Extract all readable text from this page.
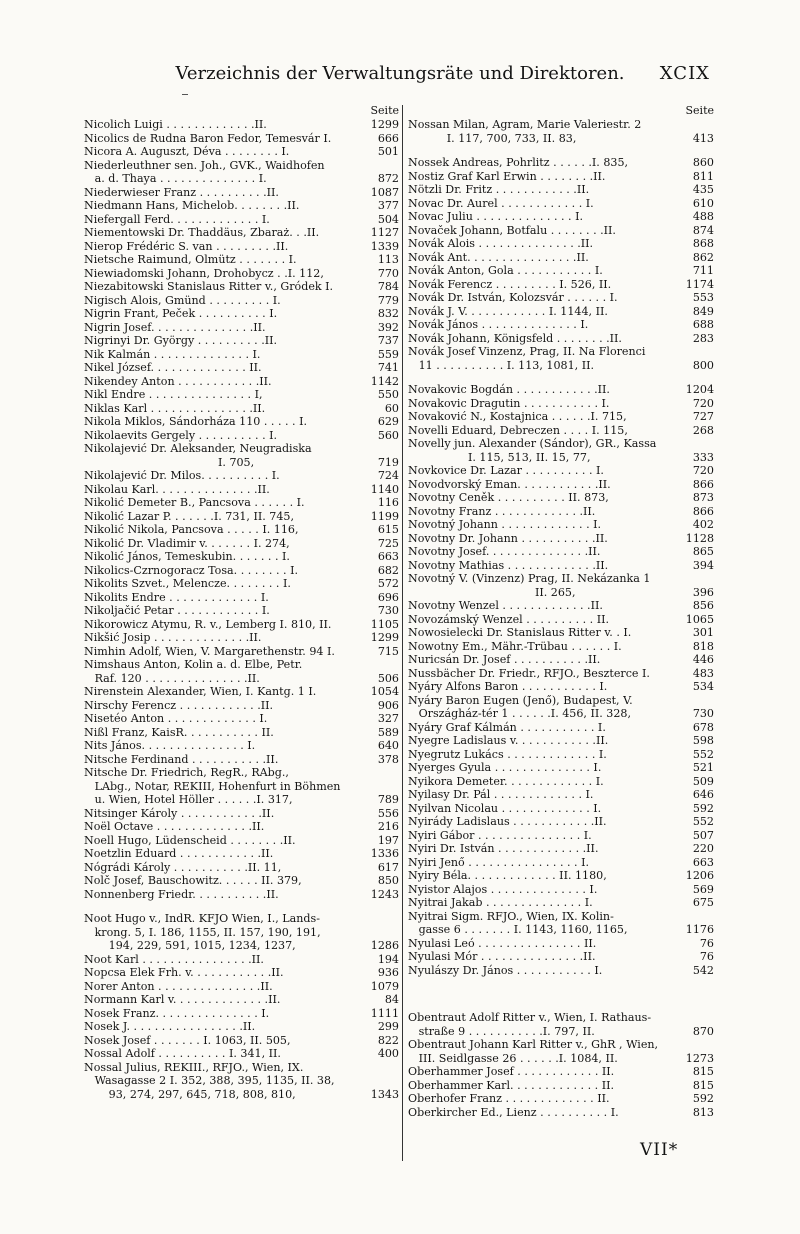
Verzeichnis der Verwaltungsräte und Direktoren.	XCIX
Seite
Nicolich Luigi . . . . . . . . . . . . .II.	1299
Nicolics de Rudna Baron Fedor, Temesvár I.	666
Nicora A. Auguszt, Déva . . . . . . . . I.	501
Niederleuthner sen. Joh., GVK., Waidhofen
a. d. Thaya . . . . . . . . . . . . . . I.	872
Niederwieser Franz . . . . . . . . . .II.	1087
Niedmann Hans, Michelob. . . . . . . .II.	377
Niefergall Ferd. . . . . . . . . . . . . I.	504
Niementowski Dr. Thaddäus, Zbaraż. . .II.	1127
Nierop Frédéric S. van . . . . . . . . .II.	1339
Nietsche Raimund, Olmütz . . . . . . . I.	113
Niewiadomski Johann, Drohobycz . .I. 112,	770
Niezabitowski Stanislaus Ritter v., Gródek I.	784
Nigisch Alois, Gmünd . . . . . . . . . I.	779
Nigrin Frant, Peček . . . . . . . . . . I.	832
Nigrin Josef. . . . . . . . . . . . . . .II.	392
Nigrinyi Dr. György . . . . . . . . . .II.	737
Nik Kalmán . . . . . . . . . . . . . . I.	559
Nikel József. . . . . . . . . . . . . . II.	741
Nikendey Anton . . . . . . . . . . . .II.	1142
Nikl Endre . . . . . . . . . . . . . . . I,	550
Niklas Karl . . . . . . . . . . . . . . .II.	60
Nikola Miklos, Sándorháza 110 . . . . . I.	629
Nikolaevits Gergely . . . . . . . . . . I.	560
Nikolajević Dr. Aleksander, Neugradiska
I. 705,	719
Nikolajević Dr. Milos. . . . . . . . . . I.	724
Nikolau Karl. . . . . . . . . . . . . . .II.	1140
Nikolić Demeter B., Pancsova . . . . . . I.	116
Nikolić Lazar P. . . . . . .I. 731, II. 745,	1199
Nikolić Nikola, Pancsova . . . . . I. 116,	615
Nikolić Dr. Vladimir v. . . . . . . I. 274,	725
Nikolić János, Temeskubin. . . . . . . I.	663
Nikolics-Czrnogoracz Tosa. . . . . . . . I.	682
Nikolits Szvet., Melencze. . . . . . . . I.	572
Nikolits Endre . . . . . . . . . . . . . I.	696
Nikoljačić Petar . . . . . . . . . . . . I.	730
Nikorowicz Atymu, R. v., Lemberg I. 810, II.	1105
Nikšić Josip . . . . . . . . . . . . . .II.	1299
Nimhin Adolf, Wien, V. Margarethenstr. 94 I.	715
Nimshaus Anton, Kolin a. d. Elbe, Petr.
Raf. 120 . . . . . . . . . . . . . . .II.	506
Nirenstein Alexander, Wien, I. Kantg. 1 I.	1054
Nirschy Ferencz . . . . . . . . . . . .II.	906
Nisetéo Anton . . . . . . . . . . . . . I.	327
Nißl Franz, KaisR. . . . . . . . . . . II.	589
Nits János. . . . . . . . . . . . . . . I.	640
Nitsche Ferdinand . . . . . . . . . . .II.	378
Nitsche Dr. Friedrich, RegR., RAbg.,
LAbg., Notar, REKIII, Hohenfurt in Böhmen
u. Wien, Hotel Höller . . . . . .I. 317,	789
Nitsinger Károly . . . . . . . . . . . .II.	556
Noël Octave . . . . . . . . . . . . . .II.	216
Noell Hugo, Lüdenscheid . . . . . . . .II.	197
Noetzlin Eduard . . . . . . . . . . . .II.	1336
Nógrádi Károly . . . . . . . . . . .II. 11,	617
Nolč Josef, Bauschowitz. . . . . . II. 379,	850
Nonnenberg Friedr. . . . . . . . . . .II.	1243
Noot Hugo v., IndR. KFJO Wien, I., Lands-
krong. 5, I. 186, 1155, II. 157, 190, 191,
194, 229, 591, 1015, 1234, 1237,	1286
Noot Karl . . . . . . . . . . . . . . . .II.	194
Nopcsa Elek Frh. v. . . . . . . . . . . .II.	936
Norer Anton . . . . . . . . . . . . . . .II.	1079
Normann Karl v. . . . . . . . . . . . . .II.	84
Nosek Franz. . . . . . . . . . . . . . . I.	1111
Nosek J. . . . . . . . . . . . . . . . .II.	299
Nosek Josef . . . . . . . I. 1063, II. 505,	822
Nossal Adolf . . . . . . . . . . I. 341, II.	400
Nossal Julius, REKIII., RFJO., Wien, IX.
Wasagasse 2 I. 352, 388, 395, 1135, II. 38,
93, 274, 297, 645, 718, 808, 810,	1343
Seite
Nossan Milan, Agram, Marie Valeriestr. 2
I. 117, 700, 733, II. 83,	413
Nossek Andreas, Pohrlitz . . . . . .I. 835,	860
Nostiz Graf Karl Erwin . . . . . . . .II.	811
Nötzli Dr. Fritz . . . . . . . . . . . .II.	435
Novac Dr. Aurel . . . . . . . . . . . . I.	610
Novac Juliu . . . . . . . . . . . . . . I.	488
Novaček Johann, Botfalu . . . . . . . .II.	874
Novák Alois . . . . . . . . . . . . . . .II.	868
Novák Ant. . . . . . . . . . . . . . . .II.	862
Novák Anton, Gola . . . . . . . . . . . I.	711
Novák Ferencz . . . . . . . . . I. 526, II.	1174
Novák Dr. István, Kolozsvár . . . . . . I.	553
Novák J. V. . . . . . . . . . . . I. 1144, II.	849
Novák János . . . . . . . . . . . . . . I.	688
Novák Johann, Königsfeld . . . . . . . .II.	283
Novák Josef Vinzenz, Prag, II. Na Florenci
11 . . . . . . . . . . I. 113, 1081, II.	800
Novakovic Bogdán . . . . . . . . . . . .II.	1204
Novakovic Dragutin . . . . . . . . . . . I.	720
Novaković N., Kostajnica . . . . . .I. 715,	727
Novelli Eduard, Debreczen . . . . I. 115,	268
Novelly jun. Alexander (Sándor), GR., Kassa
I. 115, 513, II. 15, 77,	333
Novkovice Dr. Lazar . . . . . . . . . . I.	720
Novodvorský Eman. . . . . . . . . . . .II.	866
Novotny Ceněk . . . . . . . . . . II. 873,	873
Novotny Franz . . . . . . . . . . . . .II.	866
Novotný Johann . . . . . . . . . . . . . I.	402
Novotny Dr. Johann . . . . . . . . . . .II.	1128
Novotny Josef. . . . . . . . . . . . . . .II.	865
Novotny Mathias . . . . . . . . . . . . .II.	394
Novotný V. (Vinzenz) Prag, II. Nekázanka 1
II. 265,	396
Novotny Wenzel . . . . . . . . . . . . .II.	856
Novozámský Wenzel . . . . . . . . . . II.	1065
Nowosielecki Dr. Stanislaus Ritter v. . I.	301
Nowotny Em., Mähr.-Trübau . . . . . . I.	818
Nuricsán Dr. Josef . . . . . . . . . . .II.	446
Nussbächer Dr. Friedr., RFJO., Beszterce I.	483
Nyáry Alfons Baron . . . . . . . . . . . I.	534
Nyáry Baron Eugen (Jenő), Budapest, V.
Országház-tér 1 . . . . . .I. 456, II. 328,	730
Nyáry Graf Kálmán . . . . . . . . . . . I.	678
Nyegre Ladislaus v. . . . . . . . . . . .II.	598
Nyegrutz Lukács . . . . . . . . . . . . . I.	552
Nyerges Gyula . . . . . . . . . . . . . . I.	521
Nyikora Demeter. . . . . . . . . . . . . I.	509
Nyilasy Dr. Pál . . . . . . . . . . . . . I.	646
Nyilvan Nicolau . . . . . . . . . . . . . I.	592
Nyirády Ladislaus . . . . . . . . . . . .II.	552
Nyiri Gábor . . . . . . . . . . . . . . . I.	507
Nyiri Dr. István . . . . . . . . . . . . .II.	220
Nyiri Jenő . . . . . . . . . . . . . . . . I.	663
Nyiry Béla. . . . . . . . . . . . . II. 1180,	1206
Nyistor Alajos . . . . . . . . . . . . . . I.	569
Nyitrai Jakab . . . . . . . . . . . . . . I.	675
Nyitrai Sigm. RFJO., Wien, IX. Kolin-
gasse 6 . . . . . . . I. 1143, 1160, 1165,	1176
Nyulasi Leó . . . . . . . . . . . . . . . II.	76
Nyulasi Mór . . . . . . . . . . . . . . .II.	76
Nyulászy Dr. János . . . . . . . . . . . I.	542
Obentraut Adolf Ritter v., Wien, I. Rathaus-
straße 9 . . . . . . . . . . .I. 797, II.	870
Obentraut Johann Karl Ritter v., GhR , Wien,
III. Seidlgasse 26 . . . . . .I. 1084, II.	1273
Oberhammer Josef . . . . . . . . . . . . II.	815
Oberhammer Karl. . . . . . . . . . . . . II.	815
Oberhofer Franz . . . . . . . . . . . . . II.	592
Oberkircher Ed., Lienz . . . . . . . . . . I.	813
VII*
